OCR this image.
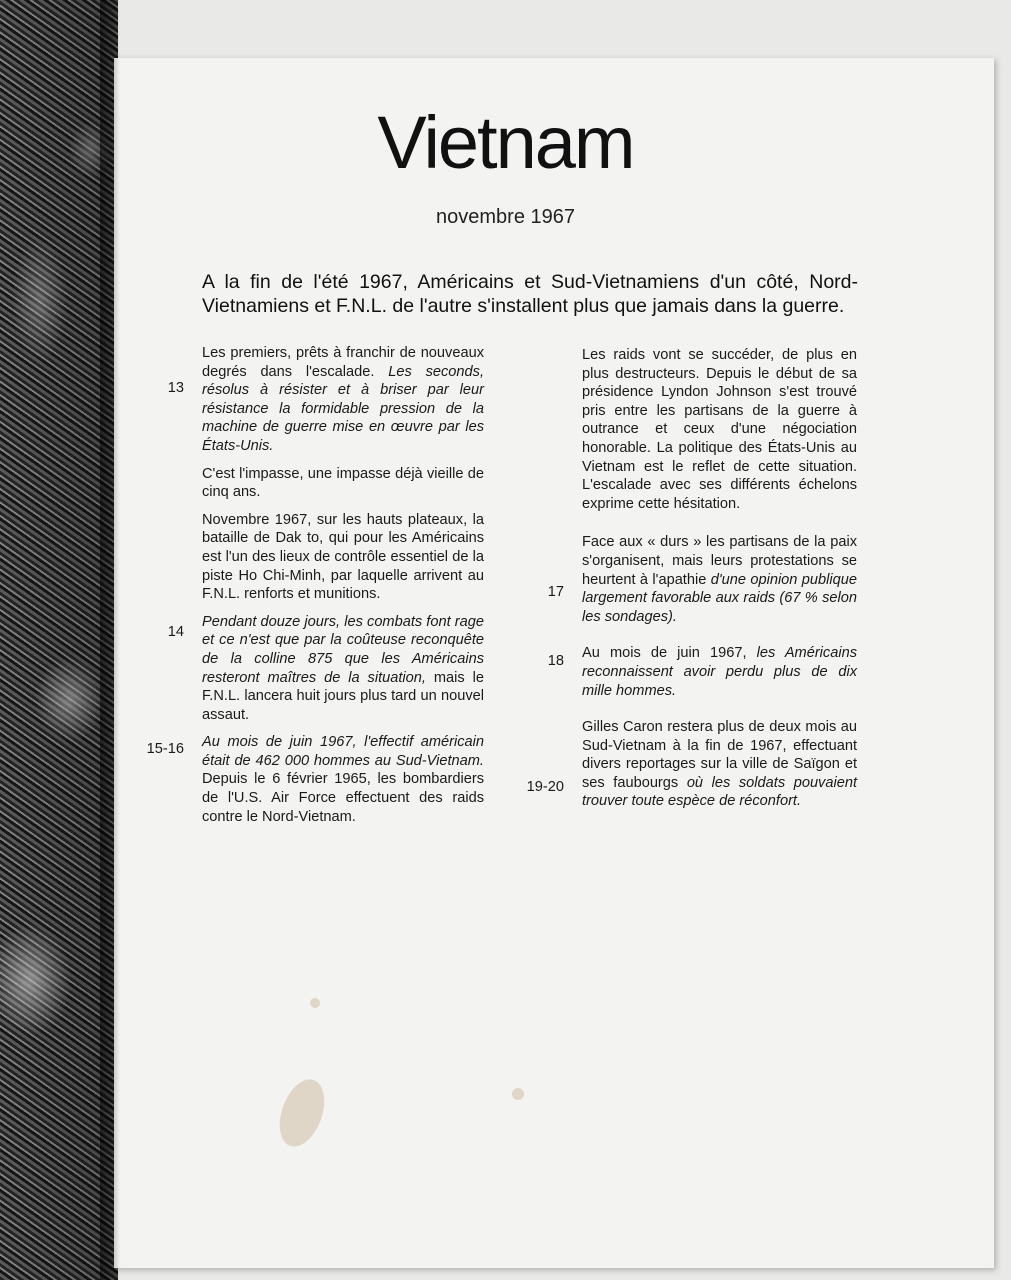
Vietnam
novembre 1967
A la fin de l'été 1967, Américains et Sud-Vietnamiens d'un côté, Nord-Vietnamiens et F.N.L. de l'autre s'installent plus que jamais dans la guerre.

Les premiers, prêts à franchir de nouveaux degrés dans l'escalade. Les seconds, résolus à résister et à briser par leur résistance la formidable pression de la machine de guerre mise en œuvre par les États-Unis.

C'est l'impasse, une impasse déjà vieille de cinq ans.

Novembre 1967, sur les hauts plateaux, la bataille de Dak to, qui pour les Américains est l'un des lieux de contrôle essentiel de la piste Ho Chi-Minh, par laquelle arrivent au F.N.L. renforts et munitions.

Pendant douze jours, les combats font rage et ce n'est que par la coûteuse reconquête de la colline 875 que les Américains resteront maîtres de la situation, mais le F.N.L. lancera huit jours plus tard un nouvel assaut.

Au mois de juin 1967, l'effectif américain était de 462 000 hommes au Sud-Vietnam. Depuis le 6 février 1965, les bombardiers de l'U.S. Air Force effectuent des raids contre le Nord-Vietnam.

Les raids vont se succéder, de plus en plus destructeurs. Depuis le début de sa présidence Lyndon Johnson s'est trouvé pris entre les partisans de la guerre à outrance et ceux d'une négociation honorable. La politique des États-Unis au Vietnam est le reflet de cette situation. L'escalade avec ses différents échelons exprime cette hésitation.

Face aux « durs » les partisans de la paix s'organisent, mais leurs protestations se heurtent à l'apathie d'une opinion publique largement favorable aux raids (67 % selon les sondages).

Au mois de juin 1967, les Américains reconnaissent avoir perdu plus de dix mille hommes.

Gilles Caron restera plus de deux mois au Sud-Vietnam à la fin de 1967, effectuant divers reportages sur la ville de Saïgon et ses faubourgs où les soldats pouvaient trouver toute espèce de réconfort.

13
14
15-16
17
18
19-20
